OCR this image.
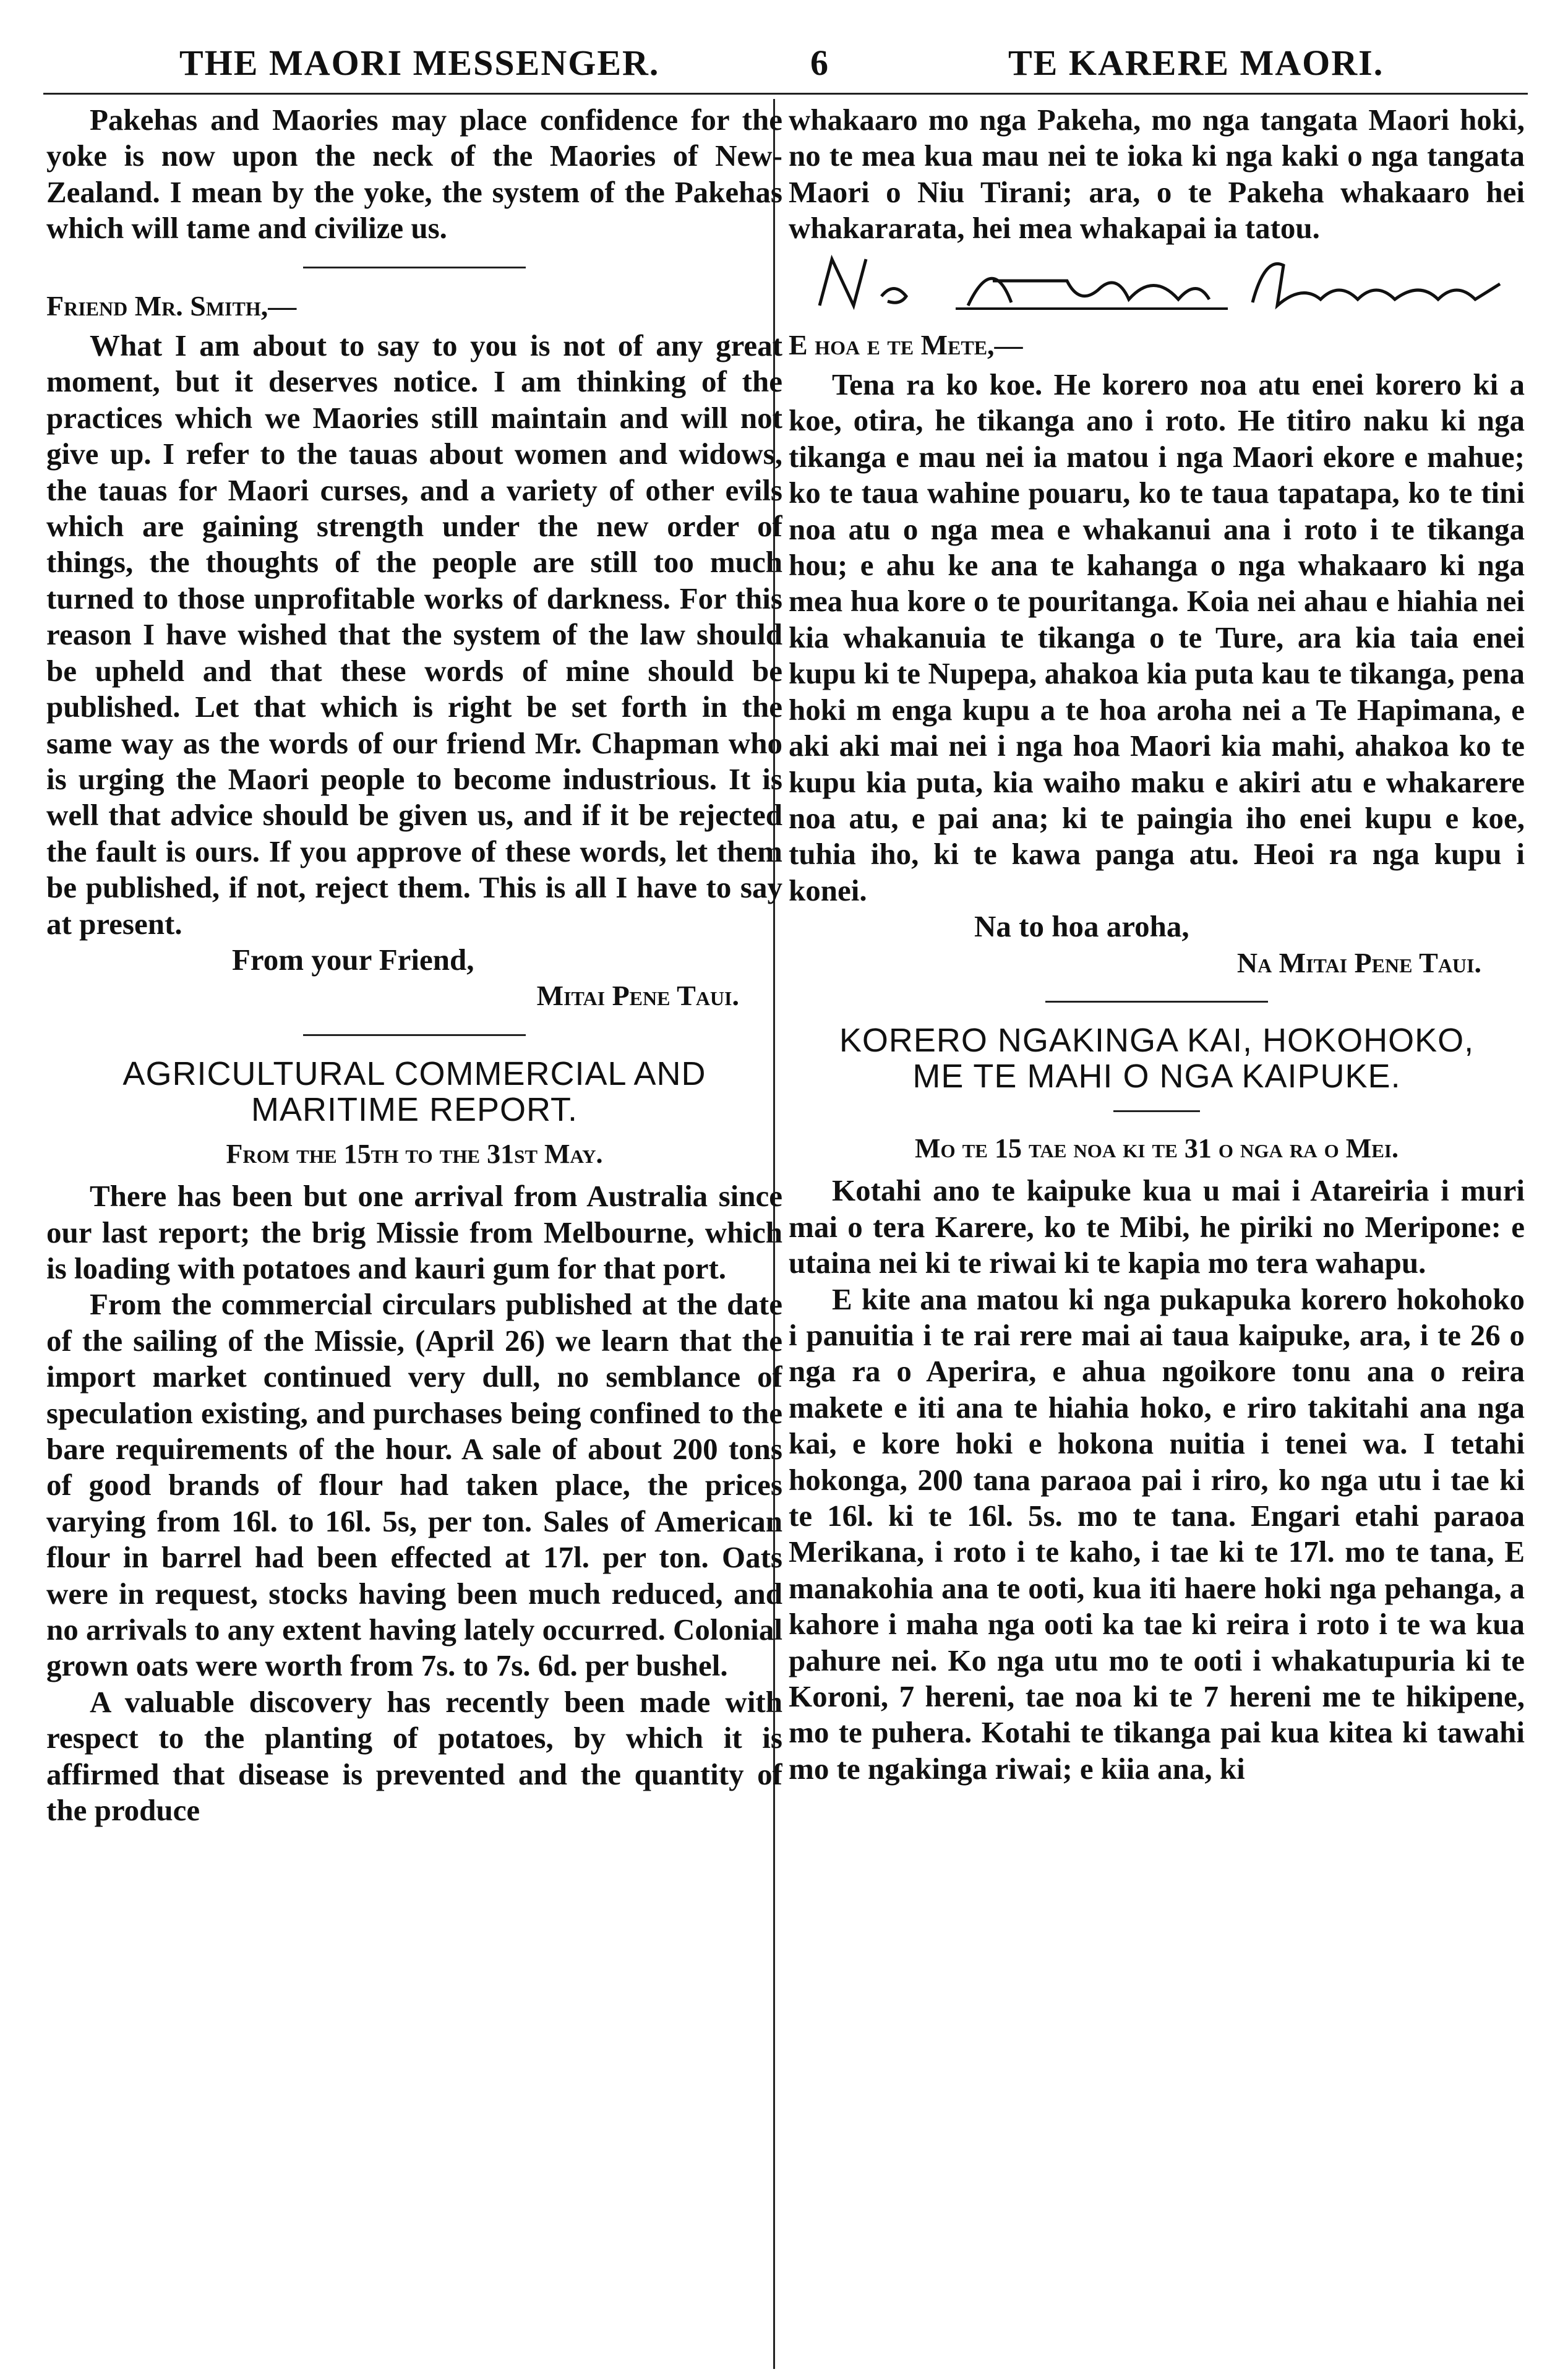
THE MAORI MESSENGER.	6	TE KARERE MAORI.

Pakehas and Maories may place confidence for the yoke is now upon the neck of the Maories of New-Zealand. I mean by the yoke, the system of the Pakehas which will tame and civilize us.

Friend Mr. Smith,—

What I am about to say to you is not of any great moment, but it deserves notice. I am thinking of the practices which we Maories still maintain and will not give up. I refer to the tauas about women and widows, the tauas for Maori curses, and a variety of other evils which are gaining strength under the new order of things, the thoughts of the people are still too much turned to those unprofitable works of darkness. For this reason I have wished that the system of the law should be upheld and that these words of mine should be published. Let that which is right be set forth in the same way as the words of our friend Mr. Chapman who is urging the Maori people to become industrious. It is well that advice should be given us, and if it be rejected the fault is ours. If you approve of these words, let them be published, if not, reject them. This is all I have to say at present.

From your Friend,

Mitai Pene Taui.

AGRICULTURAL COMMERCIAL AND

MARITIME REPORT.

From the 15th to the 31st May.

There has been but one arrival from Australia since our last report; the brig Missie from Melbourne, which is loading with potatoes and kauri gum for that port.

From the commercial circulars published at the date of the sailing of the Missie, (April 26) we learn that the import market continued very dull, no semblance of speculation existing, and purchases being confined to the bare requirements of the hour. A sale of about 200 tons of good brands of flour had taken place, the prices varying from 16l. to 16l. 5s, per ton. Sales of American flour in barrel had been effected at 17l. per ton. Oats were in request, stocks having been much reduced, and no arrivals to any extent having lately occurred. Colonial grown oats were worth from 7s. to 7s. 6d. per bushel.

A valuable discovery has recently been made with respect to the planting of potatoes, by which it is affirmed that disease is prevented and the quantity of the produce

whakaaro mo nga Pakeha, mo nga tangata Maori hoki, no te mea kua mau nei te ioka ki nga kaki o nga tangata Maori o Niu Tirani; ara, o te Pakeha whakaaro hei whakararata, hei mea whakapai ia tatou.

E hoa e te Mete,—

Tena ra ko koe. He korero noa atu enei korero ki a koe, otira, he tikanga ano i roto. He titiro naku ki nga tikanga e mau nei ia matou i nga Maori ekore e mahue; ko te taua wahine pouaru, ko te taua tapatapa, ko te tini noa atu o nga mea e whakanui ana i roto i te tikanga hou; e ahu ke ana te kahanga o nga whakaaro ki nga mea hua kore o te pouritanga. Koia nei ahau e hiahia nei kia whakanuia te tikanga o te Ture, ara kia taia enei kupu ki te Nupepa, ahakoa kia puta kau te tikanga, pena hoki m enga kupu a te hoa aroha nei a Te Hapimana, e aki aki mai nei i nga hoa Maori kia mahi, ahakoa ko te kupu kia puta, kia waiho maku e akiri atu e whakarere noa atu, e pai ana; ki te paingia iho enei kupu e koe, tuhia iho, ki te kawa panga atu. Heoi ra nga kupu i konei.

Na to hoa aroha,

Na Mitai Pene Taui.

KORERO NGAKINGA KAI, HOKOHOKO,

ME TE MAHI O NGA KAIPUKE.

Mo te 15 tae noa ki te 31 o nga ra o Mei.

Kotahi ano te kaipuke kua u mai i Atareiria i muri mai o tera Karere, ko te Mibi, he piriki no Meripone: e utaina nei ki te riwai ki te kapia mo tera wahapu.

E kite ana matou ki nga pukapuka korero hokohoko i panuitia i te rai rere mai ai taua kaipuke, ara, i te 26 o nga ra o Aperira, e ahua ngoikore tonu ana o reira makete e iti ana te hiahia hoko, e riro takitahi ana nga kai, e kore hoki e hokona nuitia i tenei wa. I tetahi hokonga, 200 tana paraoa pai i riro, ko nga utu i tae ki te 16l. ki te 16l. 5s. mo te tana. Engari etahi paraoa Merikana, i roto i te kaho, i tae ki te 17l. mo te tana, E manakohia ana te ooti, kua iti haere hoki nga pehanga, a kahore i maha nga ooti ka tae ki reira i roto i te wa kua pahure nei. Ko nga utu mo te ooti i whakatupuria ki te Koroni, 7 hereni, tae noa ki te 7 hereni me te hikipene, mo te puhera. Kotahi te tikanga pai kua kitea ki tawahi mo te ngakinga riwai; e kiia ana, ki
